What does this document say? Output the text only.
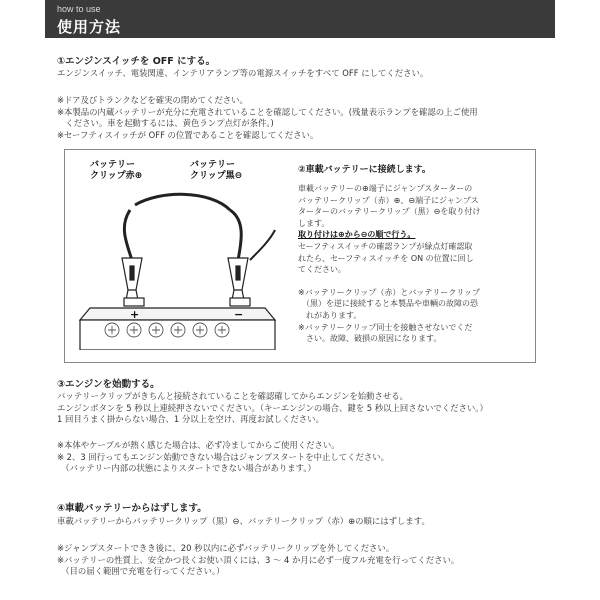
how to use
使用方法
①エンジンスイッチを OFF にする。
エンジンスイッチ、電装関連、インテリアランプ等の電源スイッチをすべて OFF にしてください。
※ドア及びトランクなどを確実の閉めてください。
※本製品の内蔵バッテリーが充分に充電されていることを確認してください。(残量表示ランプを確認の上ご使用
　ください。車を起動するには、黄色ランプ点灯が条件。)
※セーフティスイッチが OFF の位置であることを確認してください。
バッテリー
クリップ赤⊕
バッテリー
クリップ黒⊖
+	−
②車載バッテリーに接続します。
車載バッテリーの⊕端子にジャンプスターターの
バッテリークリップ（赤）⊕、⊖端子にジャンプス
ターターのバッテリークリップ（黒）⊖を取り付け
します。
取り付けは⊕から⊖の順で行う。
セーフティスイッチの確認ランプが緑点灯確認取
れたら、セーフティスイッチを ON の位置に回し
てください。
※バッテリークリップ（赤）とバッテリークリップ
　（黒）を逆に接続すると本製品や車輌の故障の恐
　れがあります。
※バッテリークリップ同士を接触させないでくだ
　さい。故障、破損の原因になります。
③エンジンを始動する。
バッテリークリップがきちんと接続されていることを確認確してからエンジンを始動させる。
エンジンボタンを 5 秒以上連続押さないでください。（キーエンジンの場合、鍵を 5 秒以上回さないでください。）
1 回目うまく掛からない場合、1 分以上を空け、再度お試しください。
※本体やケーブルが熱く感じた場合は、必ず冷ましてからご使用ください。
※ 2、3 回行ってもエンジン始動できない場合はジャンプスタートを中止してください。
　（バッテリー内部の状態によりスタートできない場合があります。）
④車載バッテリーからはずします。
車載バッテリーからバッテリークリップ（黒）⊖、バッテリークリップ（赤）⊕の順にはずします。
※ジャンプスタートできき後に、20 秒以内に必ずバッテリークリップを外してください。
※バッテリーの性質上、安全かつ長くお使い頂くには、3 ～ 4 か月に必ず一度フル充電を行ってください。
　（目の届く範囲で充電を行ってください。）
